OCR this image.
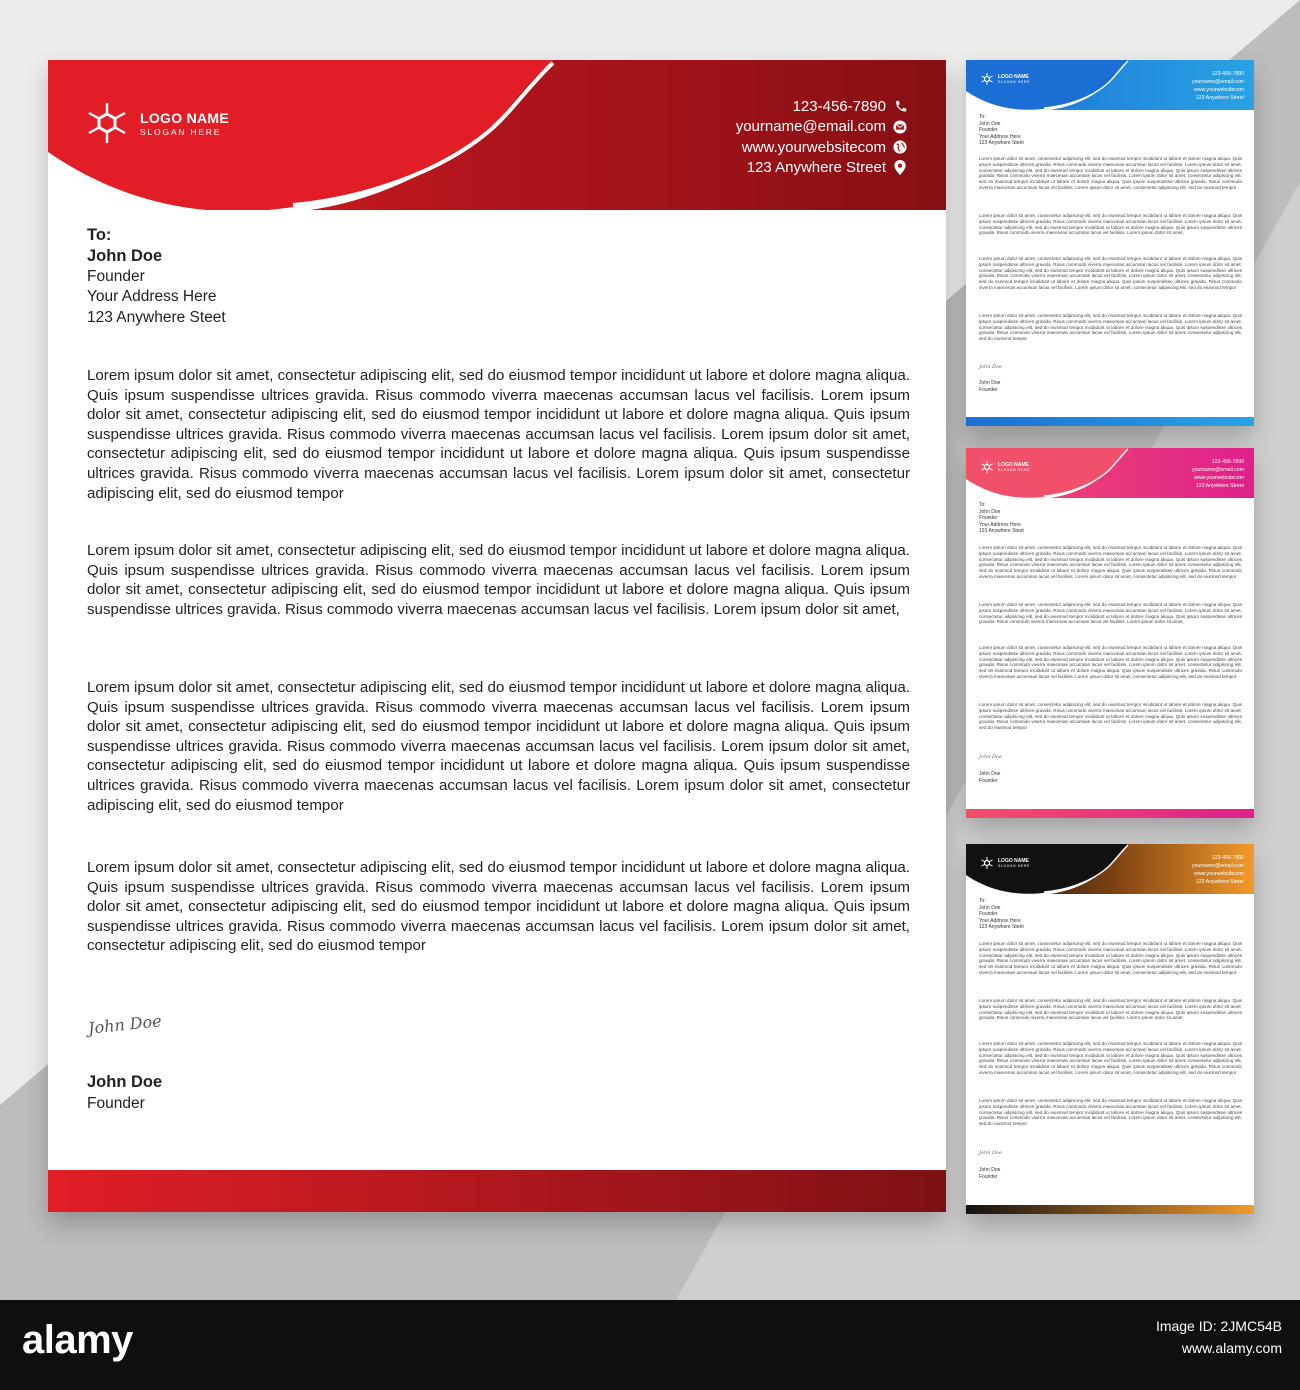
LOGO NAME
SLOGAN HERE
123-456-7890
yourname@email.com
www.yourwebsitecom
123 Anywhere Street
To:
John Doe
Founder
Your Address Here
123 Anywhere Steet

Lorem ipsum dolor sit amet, consectetur adipiscing elit, sed do eiusmod tempor incididunt ut labore et dolore magna aliqua. Quis ipsum suspendisse ultrices gravida. Risus commodo viverra maecenas accumsan lacus vel facilisis. Lorem ipsum dolor sit amet, consectetur adipiscing elit, sed do eiusmod tempor incididunt ut labore et dolore magna aliqua. Quis ipsum suspendisse ultrices gravida. Risus commodo viverra maecenas accumsan lacus vel facilisis. Lorem ipsum dolor sit amet, consectetur adipiscing elit, sed do eiusmod tempor incididunt ut labore et dolore magna aliqua. Quis ipsum suspendisse ultrices gravida. Risus commodo viverra maecenas accumsan lacus vel facilisis. Lorem ipsum dolor sit amet, consectetur adipiscing elit, sed do eiusmod tempor

Lorem ipsum dolor sit amet, consectetur adipiscing elit, sed do eiusmod tempor incididunt ut labore et dolore magna aliqua. Quis ipsum suspendisse ultrices gravida. Risus commodo viverra maecenas accumsan lacus vel facilisis. Lorem ipsum dolor sit amet, consectetur adipiscing elit, sed do eiusmod tempor incididunt ut labore et dolore magna aliqua. Quis ipsum suspendisse ultrices gravida. Risus commodo viverra maecenas accumsan lacus vel facilisis. Lorem ipsum dolor sit amet,

Lorem ipsum dolor sit amet, consectetur adipiscing elit, sed do eiusmod tempor incididunt ut labore et dolore magna aliqua. Quis ipsum suspendisse ultrices gravida. Risus commodo viverra maecenas accumsan lacus vel facilisis. Lorem ipsum dolor sit amet, consectetur adipiscing elit, sed do eiusmod tempor incididunt ut labore et dolore magna aliqua. Quis ipsum suspendisse ultrices gravida. Risus commodo viverra maecenas accumsan lacus vel facilisis. Lorem ipsum dolor sit amet, consectetur adipiscing elit, sed do eiusmod tempor incididunt ut labore et dolore magna aliqua. Quis ipsum suspendisse ultrices gravida. Risus commodo viverra maecenas accumsan lacus vel facilisis. Lorem ipsum dolor sit amet, consectetur adipiscing elit, sed do eiusmod tempor

Lorem ipsum dolor sit amet, consectetur adipiscing elit, sed do eiusmod tempor incididunt ut labore et dolore magna aliqua. Quis ipsum suspendisse ultrices gravida. Risus commodo viverra maecenas accumsan lacus vel facilisis. Lorem ipsum dolor sit amet, consectetur adipiscing elit, sed do eiusmod tempor incididunt ut labore et dolore magna aliqua. Quis ipsum suspendisse ultrices gravida. Risus commodo viverra maecenas accumsan lacus vel facilisis. Lorem ipsum dolor sit amet, consectetur adipiscing elit, sed do eiusmod tempor

John Doe
John Doe
Founder
LOGO NAME
SLOGAN HERE
123-456-7890
yourname@email.com
www.yourwebsitecom
123 Anywhere Street
To:
John Doe
Founder
Your Address Here
123 Anywhere Steet

Lorem ipsum dolor sit amet, consectetur adipiscing elit, sed do eiusmod tempor incididunt ut labore et dolore magna aliqua. Quis ipsum suspendisse ultrices gravida. Risus commodo viverra maecenas accumsan lacus vel facilisis. Lorem ipsum dolor sit amet, consectetur adipiscing elit, sed do eiusmod tempor incididunt ut labore et dolore magna aliqua. Quis ipsum suspendisse ultrices gravida. Risus commodo viverra maecenas accumsan lacus vel facilisis. Lorem ipsum dolor sit amet, consectetur adipiscing elit, sed do eiusmod tempor incididunt ut labore et dolore magna aliqua. Quis ipsum suspendisse ultrices gravida. Risus commodo viverra maecenas accumsan lacus vel facilisis. Lorem ipsum dolor sit amet, consectetur adipiscing elit, sed do eiusmod tempor

Lorem ipsum dolor sit amet, consectetur adipiscing elit, sed do eiusmod tempor incididunt ut labore et dolore magna aliqua. Quis ipsum suspendisse ultrices gravida. Risus commodo viverra maecenas accumsan lacus vel facilisis. Lorem ipsum dolor sit amet, consectetur adipiscing elit, sed do eiusmod tempor incididunt ut labore et dolore magna aliqua. Quis ipsum suspendisse ultrices gravida. Risus commodo viverra maecenas accumsan lacus vel facilisis. Lorem ipsum dolor sit amet,

Lorem ipsum dolor sit amet, consectetur adipiscing elit, sed do eiusmod tempor incididunt ut labore et dolore magna aliqua. Quis ipsum suspendisse ultrices gravida. Risus commodo viverra maecenas accumsan lacus vel facilisis. Lorem ipsum dolor sit amet, consectetur adipiscing elit, sed do eiusmod tempor incididunt ut labore et dolore magna aliqua. Quis ipsum suspendisse ultrices gravida. Risus commodo viverra maecenas accumsan lacus vel facilisis. Lorem ipsum dolor sit amet, consectetur adipiscing elit, sed do eiusmod tempor incididunt ut labore et dolore magna aliqua. Quis ipsum suspendisse ultrices gravida. Risus commodo viverra maecenas accumsan lacus vel facilisis. Lorem ipsum dolor sit amet, consectetur adipiscing elit, sed do eiusmod tempor

Lorem ipsum dolor sit amet, consectetur adipiscing elit, sed do eiusmod tempor incididunt ut labore et dolore magna aliqua. Quis ipsum suspendisse ultrices gravida. Risus commodo viverra maecenas accumsan lacus vel facilisis. Lorem ipsum dolor sit amet, consectetur adipiscing elit, sed do eiusmod tempor incididunt ut labore et dolore magna aliqua. Quis ipsum suspendisse ultrices gravida. Risus commodo viverra maecenas accumsan lacus vel facilisis. Lorem ipsum dolor sit amet, consectetur adipiscing elit, sed do eiusmod tempor

John Doe
John Doe
Founder
LOGO NAME
SLOGAN HERE
123-456-7890
yourname@email.com
www.yourwebsitecom
123 Anywhere Street
To:
John Doe
Founder
Your Address Here
123 Anywhere Steet

Lorem ipsum dolor sit amet, consectetur adipiscing elit, sed do eiusmod tempor incididunt ut labore et dolore magna aliqua. Quis ipsum suspendisse ultrices gravida. Risus commodo viverra maecenas accumsan lacus vel facilisis. Lorem ipsum dolor sit amet, consectetur adipiscing elit, sed do eiusmod tempor incididunt ut labore et dolore magna aliqua. Quis ipsum suspendisse ultrices gravida. Risus commodo viverra maecenas accumsan lacus vel facilisis. Lorem ipsum dolor sit amet, consectetur adipiscing elit, sed do eiusmod tempor incididunt ut labore et dolore magna aliqua. Quis ipsum suspendisse ultrices gravida. Risus commodo viverra maecenas accumsan lacus vel facilisis. Lorem ipsum dolor sit amet, consectetur adipiscing elit, sed do eiusmod tempor

Lorem ipsum dolor sit amet, consectetur adipiscing elit, sed do eiusmod tempor incididunt ut labore et dolore magna aliqua. Quis ipsum suspendisse ultrices gravida. Risus commodo viverra maecenas accumsan lacus vel facilisis. Lorem ipsum dolor sit amet, consectetur adipiscing elit, sed do eiusmod tempor incididunt ut labore et dolore magna aliqua. Quis ipsum suspendisse ultrices gravida. Risus commodo viverra maecenas accumsan lacus vel facilisis. Lorem ipsum dolor sit amet,

Lorem ipsum dolor sit amet, consectetur adipiscing elit, sed do eiusmod tempor incididunt ut labore et dolore magna aliqua. Quis ipsum suspendisse ultrices gravida. Risus commodo viverra maecenas accumsan lacus vel facilisis. Lorem ipsum dolor sit amet, consectetur adipiscing elit, sed do eiusmod tempor incididunt ut labore et dolore magna aliqua. Quis ipsum suspendisse ultrices gravida. Risus commodo viverra maecenas accumsan lacus vel facilisis. Lorem ipsum dolor sit amet, consectetur adipiscing elit, sed do eiusmod tempor incididunt ut labore et dolore magna aliqua. Quis ipsum suspendisse ultrices gravida. Risus commodo viverra maecenas accumsan lacus vel facilisis. Lorem ipsum dolor sit amet, consectetur adipiscing elit, sed do eiusmod tempor

Lorem ipsum dolor sit amet, consectetur adipiscing elit, sed do eiusmod tempor incididunt ut labore et dolore magna aliqua. Quis ipsum suspendisse ultrices gravida. Risus commodo viverra maecenas accumsan lacus vel facilisis. Lorem ipsum dolor sit amet, consectetur adipiscing elit, sed do eiusmod tempor incididunt ut labore et dolore magna aliqua. Quis ipsum suspendisse ultrices gravida. Risus commodo viverra maecenas accumsan lacus vel facilisis. Lorem ipsum dolor sit amet, consectetur adipiscing elit, sed do eiusmod tempor

John Doe
John Doe
Founder
LOGO NAME
SLOGAN HERE
123-456-7890
yourname@email.com
www.yourwebsitecom
123 Anywhere Street
To:
John Doe
Founder
Your Address Here
123 Anywhere Steet

Lorem ipsum dolor sit amet, consectetur adipiscing elit, sed do eiusmod tempor incididunt ut labore et dolore magna aliqua. Quis ipsum suspendisse ultrices gravida. Risus commodo viverra maecenas accumsan lacus vel facilisis. Lorem ipsum dolor sit amet, consectetur adipiscing elit, sed do eiusmod tempor incididunt ut labore et dolore magna aliqua. Quis ipsum suspendisse ultrices gravida. Risus commodo viverra maecenas accumsan lacus vel facilisis. Lorem ipsum dolor sit amet, consectetur adipiscing elit, sed do eiusmod tempor incididunt ut labore et dolore magna aliqua. Quis ipsum suspendisse ultrices gravida. Risus commodo viverra maecenas accumsan lacus vel facilisis. Lorem ipsum dolor sit amet, consectetur adipiscing elit, sed do eiusmod tempor

Lorem ipsum dolor sit amet, consectetur adipiscing elit, sed do eiusmod tempor incididunt ut labore et dolore magna aliqua. Quis ipsum suspendisse ultrices gravida. Risus commodo viverra maecenas accumsan lacus vel facilisis. Lorem ipsum dolor sit amet, consectetur adipiscing elit, sed do eiusmod tempor incididunt ut labore et dolore magna aliqua. Quis ipsum suspendisse ultrices gravida. Risus commodo viverra maecenas accumsan lacus vel facilisis. Lorem ipsum dolor sit amet,

Lorem ipsum dolor sit amet, consectetur adipiscing elit, sed do eiusmod tempor incididunt ut labore et dolore magna aliqua. Quis ipsum suspendisse ultrices gravida. Risus commodo viverra maecenas accumsan lacus vel facilisis. Lorem ipsum dolor sit amet, consectetur adipiscing elit, sed do eiusmod tempor incididunt ut labore et dolore magna aliqua. Quis ipsum suspendisse ultrices gravida. Risus commodo viverra maecenas accumsan lacus vel facilisis. Lorem ipsum dolor sit amet, consectetur adipiscing elit, sed do eiusmod tempor incididunt ut labore et dolore magna aliqua. Quis ipsum suspendisse ultrices gravida. Risus commodo viverra maecenas accumsan lacus vel facilisis. Lorem ipsum dolor sit amet, consectetur adipiscing elit, sed do eiusmod tempor

Lorem ipsum dolor sit amet, consectetur adipiscing elit, sed do eiusmod tempor incididunt ut labore et dolore magna aliqua. Quis ipsum suspendisse ultrices gravida. Risus commodo viverra maecenas accumsan lacus vel facilisis. Lorem ipsum dolor sit amet, consectetur adipiscing elit, sed do eiusmod tempor incididunt ut labore et dolore magna aliqua. Quis ipsum suspendisse ultrices gravida. Risus commodo viverra maecenas accumsan lacus vel facilisis. Lorem ipsum dolor sit amet, consectetur adipiscing elit, sed do eiusmod tempor

John Doe
John Doe
Founder
alamy	Image ID: 2JMC54B
www.alamy.com
